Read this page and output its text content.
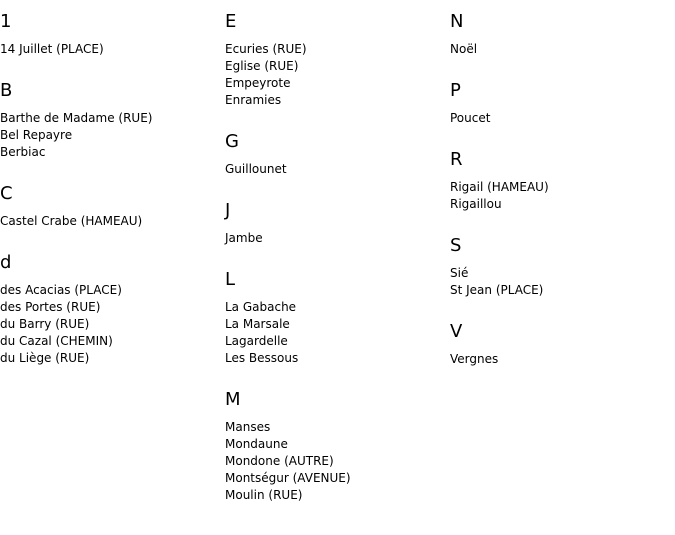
1
14 Juillet (PLACE)
B
Barthe de Madame (RUE)
Bel Repayre
Berbiac
C
Castel Crabe (HAMEAU)
d
des Acacias (PLACE)
des Portes (RUE)
du Barry (RUE)
du Cazal (CHEMIN)
du Liège (RUE)
E
Ecuries (RUE)
Eglise (RUE)
Empeyrote
Enramies
G
Guillounet
J
Jambe
L
La Gabache
La Marsale
Lagardelle
Les Bessous
M
Manses
Mondaune
Mondone (AUTRE)
Montségur (AVENUE)
Moulin (RUE)
N
Noël
P
Poucet
R
Rigail (HAMEAU)
Rigaillou
S
Sié
St Jean (PLACE)
V
Vergnes
